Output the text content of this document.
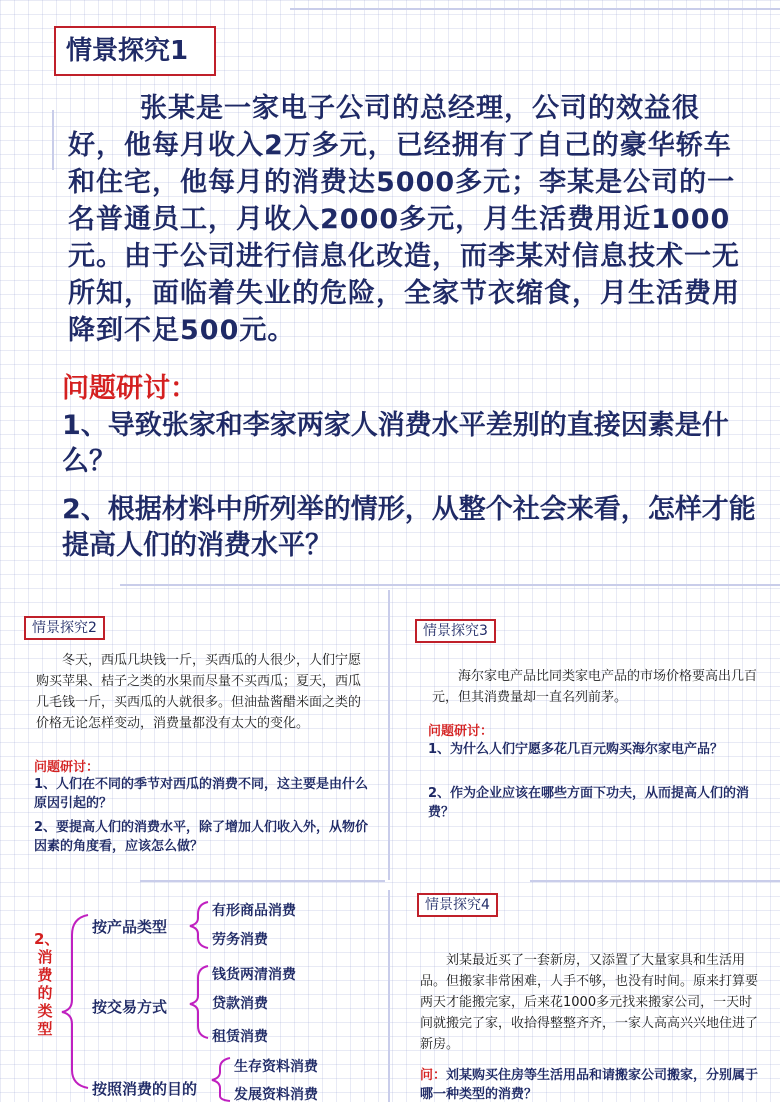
情景探究1
张某是一家电子公司的总经理，公司的效益很好，他每月收入2万多元，已经拥有了自己的豪华轿车和住宅，他每月的消费达5000多元；李某是公司的一名普通员工，月收入2000多元，月生活费用近1000元。由于公司进行信息化改造，而李某对信息技术一无所知，面临着失业的危险，全家节衣缩食，月生活费用降到不足500元。
问题研讨：
1、导致张家和李家两家人消费水平差别的直接因素是什么？
2、根据材料中所列举的情形，从整个社会来看，怎样才能提高人们的消费水平？
情景探究2
冬天，西瓜几块钱一斤，买西瓜的人很少，人们宁愿购买苹果、桔子之类的水果而尽量不买西瓜；夏天，西瓜几毛钱一斤，买西瓜的人就很多。但油盐酱醋米面之类的价格无论怎样变动，消费量都没有太大的变化。
问题研讨：
1、人们在不同的季节对西瓜的消费不同，这主要是由什么原因引起的？
2、要提高人们的消费水平，除了增加人们收入外，从物价因素的角度看，应该怎么做？
情景探究3
海尔家电产品比同类家电产品的市场价格要高出几百元，但其消费量却一直名列前茅。
问题研讨：
1、为什么人们宁愿多花几百元购买海尔家电产品？
2、作为企业应该在哪些方面下功夫，从而提高人们的消费？
情景探究4
刘某最近买了一套新房，又添置了大量家具和生活用品。但搬家非常困难，人手不够，也没有时间。原来打算要两天才能搬完家，后来花1000多元找来搬家公司，一天时间就搬完了家，收拾得整整齐齐，一家人高高兴兴地住进了新房。
问：刘某购买住房等生活用品和请搬家公司搬家，分别属于哪一种类型的消费？
2、消费的类型
按产品类型
有形商品消费
劳务消费
按交易方式
钱货两清消费
贷款消费
租赁消费
按照消费的目的
生存资料消费
发展资料消费
